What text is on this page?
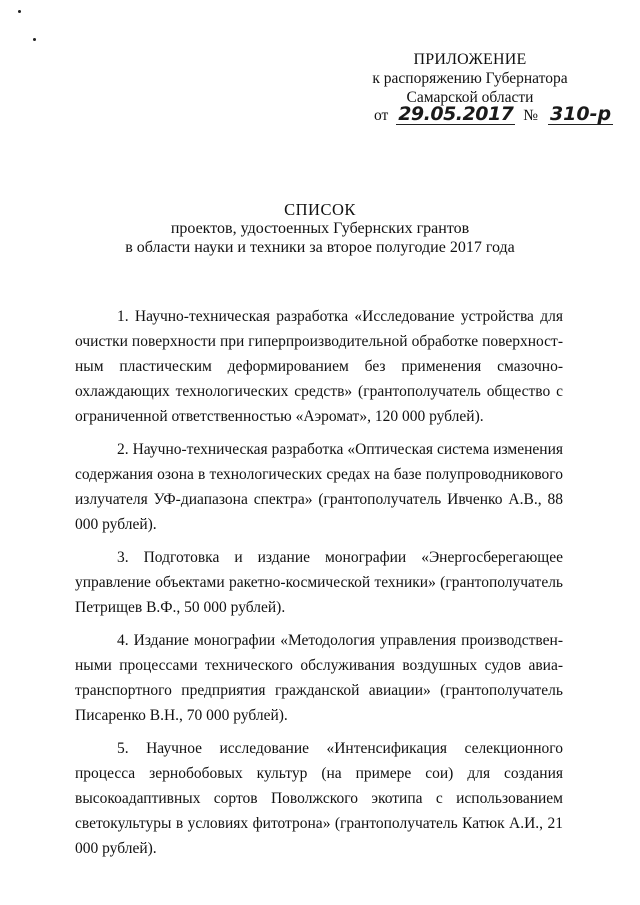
ПРИЛОЖЕНИЕ
к распоряжению Губернатора
Самарской области
от 29.05.2017 № 310-р
СПИСОК
проектов, удостоенных Губернских грантов
в области науки и техники за второе полугодие 2017 года

1. Научно-техническая разработка «Исследование устройства для очистки поверхности при гиперпроизводительной обработке поверхностным пластическим деформированием без применения смазочно-охлаждающих технологических средств» (грантополучатель общество с ограниченной ответственностью «Аэромат», 120 000 рублей).

2. Научно-техническая разработка «Оптическая система изменения содержания озона в технологических средах на базе полупроводникового излучателя УФ-диапазона спектра» (грантополучатель Ивченко А.В., 88 000 рублей).

3. Подготовка и издание монографии «Энергосберегающее управление объектами ракетно-космической техники» (грантополучатель Петрищев В.Ф., 50 000 рублей).

4. Издание монографии «Методология управления производственными процессами технического обслуживания воздушных судов авиатранспортного предприятия гражданской авиации» (грантополучатель Писаренко В.Н., 70 000 рублей).

5. Научное исследование «Интенсификация селекционного процесса зернобобовых культур (на примере сои) для создания высокоадаптивных сортов Поволжского экотипа с использованием светокультуры в условиях фитотрона» (грантополучатель Катюк А.И., 21 000 рублей).
